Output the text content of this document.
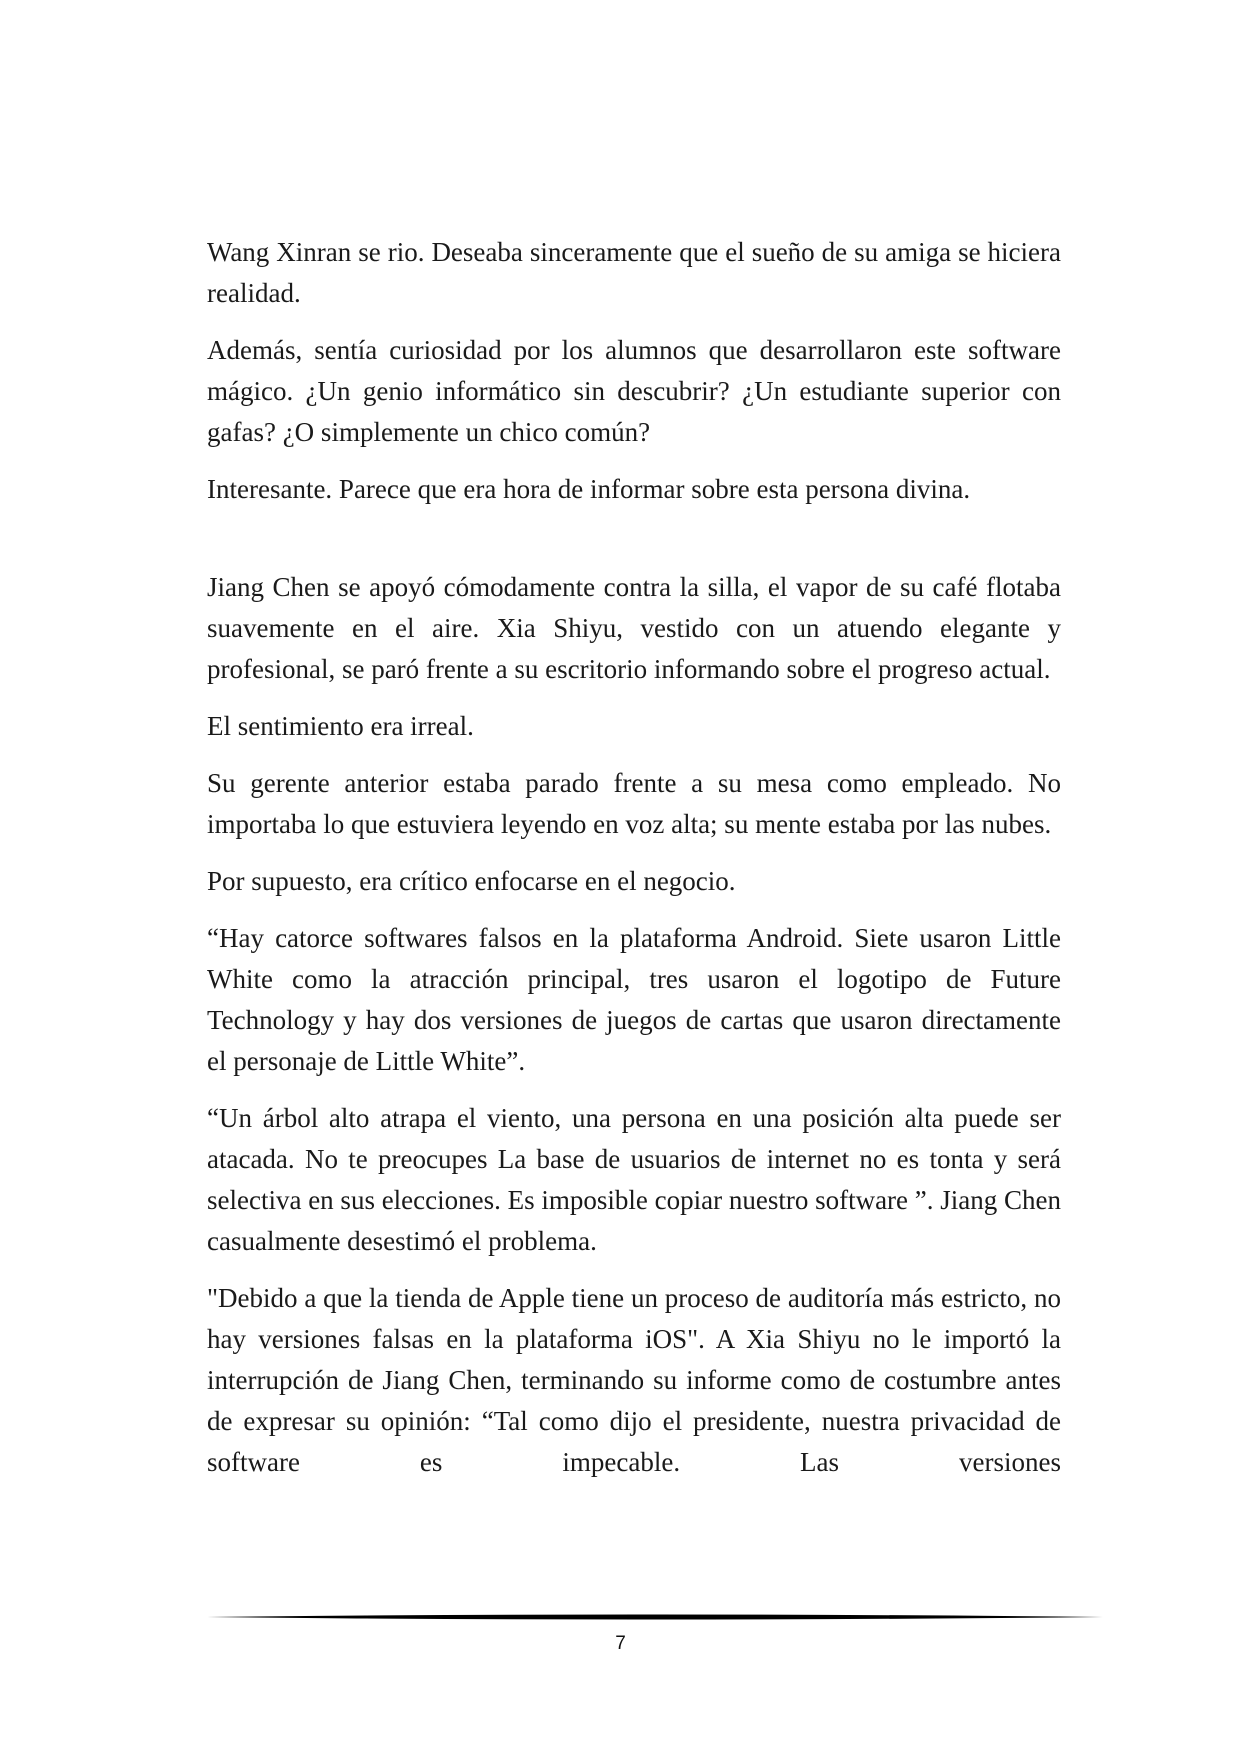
Wang Xinran se rio. Deseaba sinceramente que el sueño de su amiga se hiciera realidad.

Además, sentía curiosidad por los alumnos que desarrollaron este software mágico. ¿Un genio informático sin descubrir? ¿Un estudiante superior con gafas? ¿O simplemente un chico común?

Interesante. Parece que era hora de informar sobre esta persona divina.

Jiang Chen se apoyó cómodamente contra la silla, el vapor de su café flotaba suavemente en el aire. Xia Shiyu, vestido con un atuendo elegante y profesional, se paró frente a su escritorio informando sobre el progreso actual.

El sentimiento era irreal.

Su gerente anterior estaba parado frente a su mesa como empleado. No importaba lo que estuviera leyendo en voz alta; su mente estaba por las nubes.

Por supuesto, era crítico enfocarse en el negocio.

“Hay catorce softwares falsos en la plataforma Android. Siete usaron Little White como la atracción principal, tres usaron el logotipo de Future Technology y hay dos versiones de juegos de cartas que usaron directamente el personaje de Little White”.

“Un árbol alto atrapa el viento, una persona en una posición alta puede ser atacada. No te preocupes La base de usuarios de internet no es tonta y será selectiva en sus elecciones. Es imposible copiar nuestro software ”. Jiang Chen casualmente desestimó el problema.

"Debido a que la tienda de Apple tiene un proceso de auditoría más estricto, no hay versiones falsas en la plataforma iOS". A Xia Shiyu no le importó la interrupción de Jiang Chen, terminando su informe como de costumbre antes de expresar su opinión: “Tal como dijo el presidente, nuestra privacidad de software es impecable. Las versiones

7
